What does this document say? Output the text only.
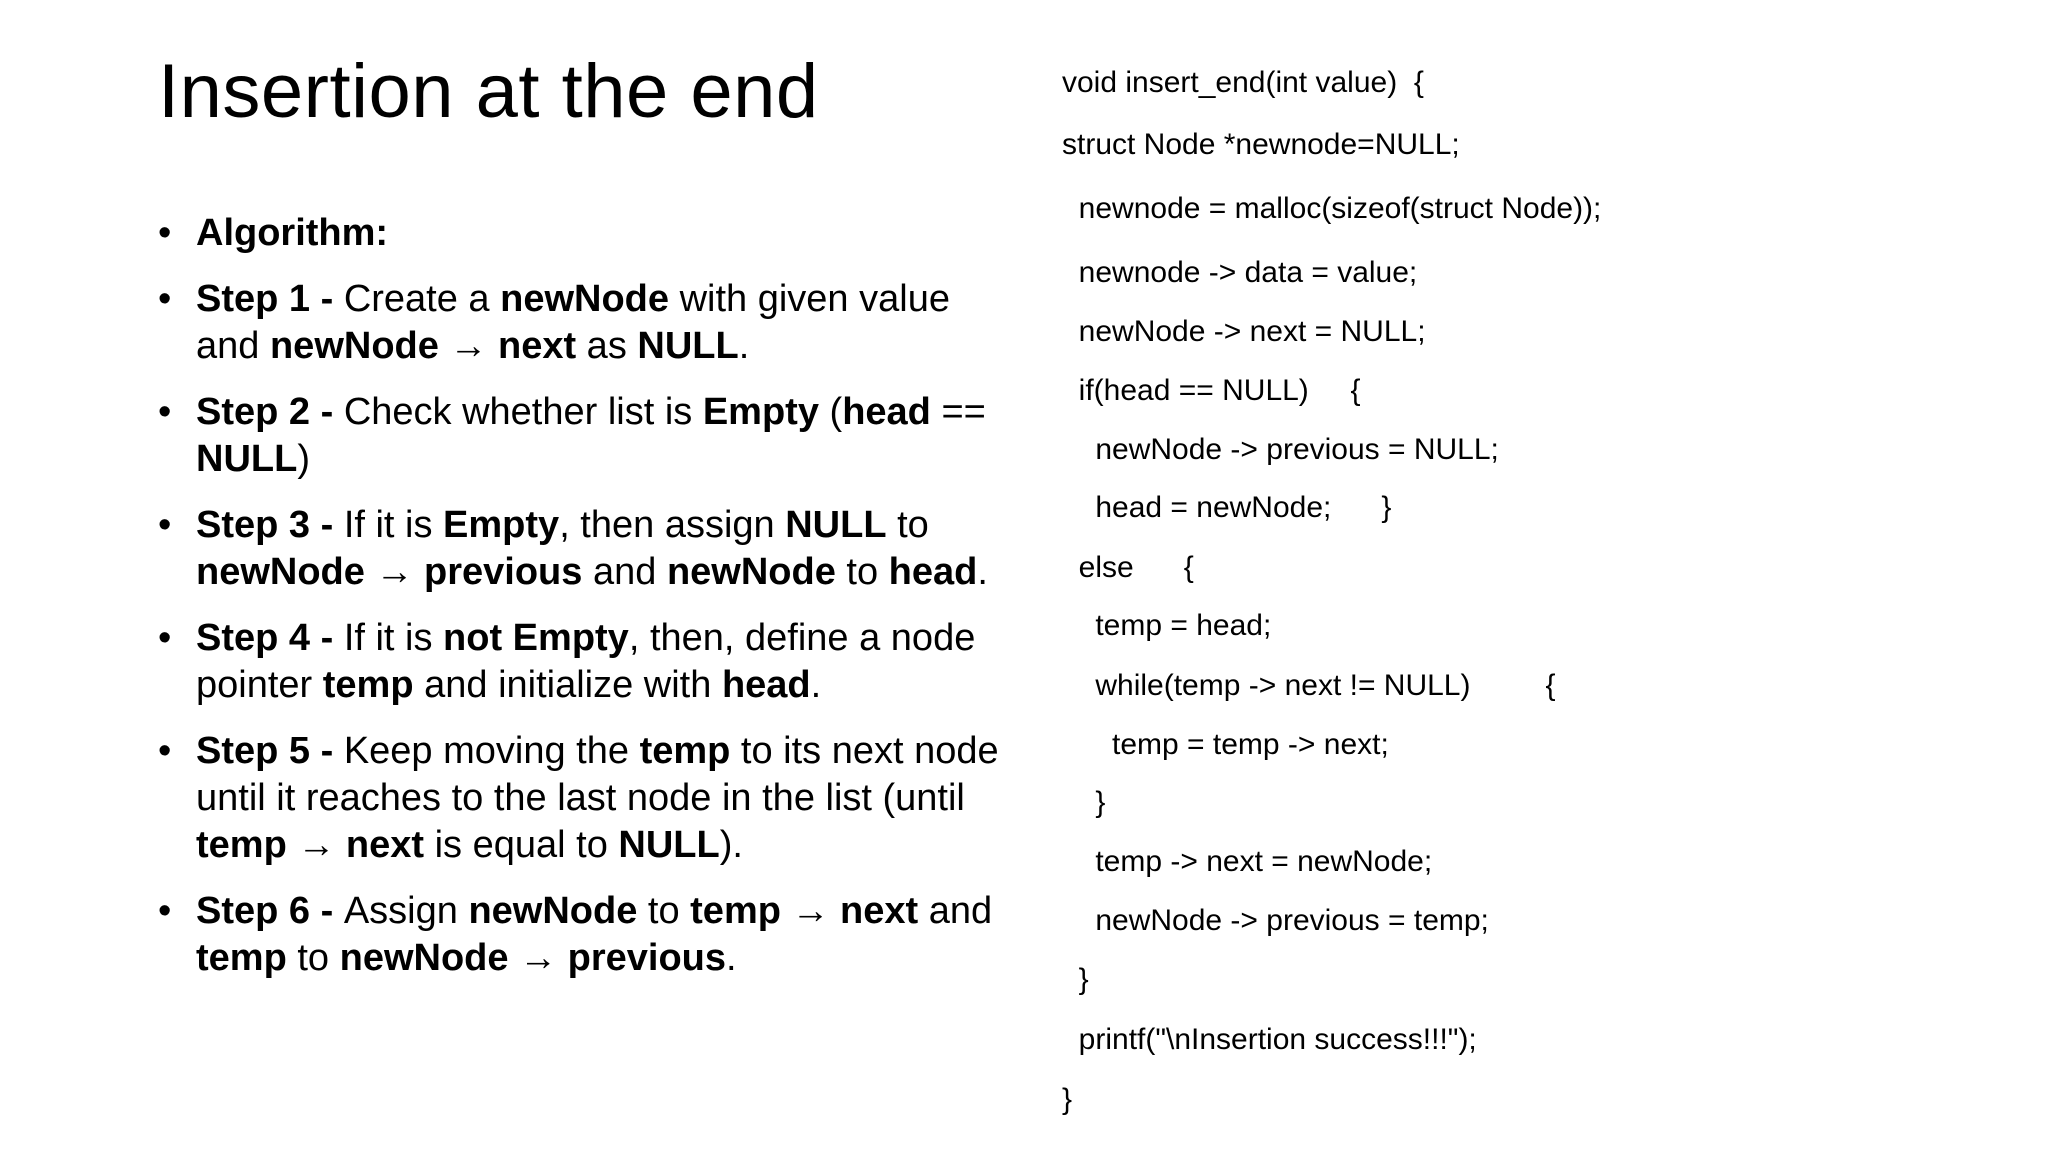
Insertion at the end
• Algorithm:
• Step 1 - Create a newNode with given value and newNode → next as NULL.
• Step 2 - Check whether list is Empty (head == NULL)
• Step 3 - If it is Empty, then assign NULL to newNode → previous and newNode to head.
• Step 4 - If it is not Empty, then, define a node pointer temp and initialize with head.
• Step 5 - Keep moving the temp to its next node until it reaches to the last node in the list (until temp → next is equal to NULL).
• Step 6 - Assign newNode to temp → next and temp to newNode → previous.
void insert_end(int value)  {
struct Node *newnode=NULL;
newnode = malloc(sizeof(struct Node));
newnode -> data = value;
newNode -> next = NULL;
if(head == NULL)     {
newNode -> previous = NULL;
head = newNode;      }
else      {
temp = head;
while(temp -> next != NULL)         {
temp = temp -> next;
}
temp -> next = newNode;
newNode -> previous = temp;
}
printf("\nInsertion success!!!");
}
